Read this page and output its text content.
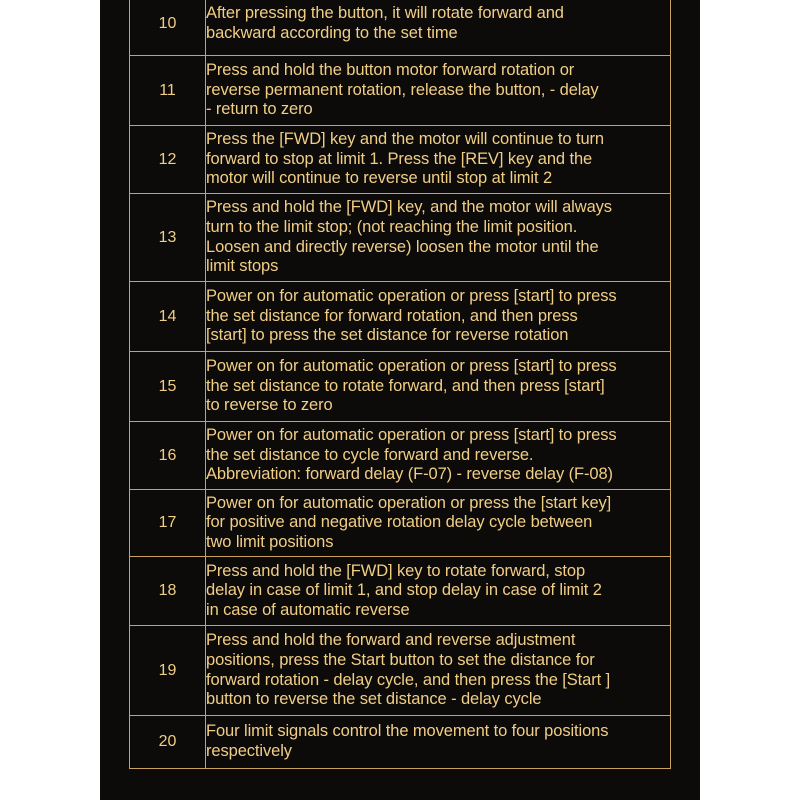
10	After pressing the button, it will rotate forward and
backward according to the set time
11	Press and hold the button motor forward rotation or
reverse permanent rotation, release the button, - delay
- return to zero
12	Press the [FWD] key and the motor will continue to turn
forward to stop at limit 1. Press the [REV] key and the
motor will continue to reverse until stop at limit 2
13	Press and hold the [FWD] key, and the motor will always
turn to the limit stop; (not reaching the limit position.
Loosen and directly reverse) loosen the motor until the
limit stops
14	Power on for automatic operation or press [start] to press
the set distance for forward rotation, and then press
[start] to press the set distance for reverse rotation
15	Power on for automatic operation or press [start] to press
the set distance to rotate forward, and then press [start]
to reverse to zero
16	Power on for automatic operation or press [start] to press
the set distance to cycle forward and reverse.
Abbreviation: forward delay (F-07) - reverse delay (F-08)
17	Power on for automatic operation or press the [start key]
for positive and negative rotation delay cycle between
two limit positions
18	Press and hold the [FWD] key to rotate forward, stop
delay in case of limit 1, and stop delay in case of limit 2
in case of automatic reverse
19	Press and hold the forward and reverse adjustment
positions, press the Start button to set the distance for
forward rotation - delay cycle, and then press the [Start ]
button to reverse the set distance - delay cycle
20	Four limit signals control the movement to four positions
respectively
